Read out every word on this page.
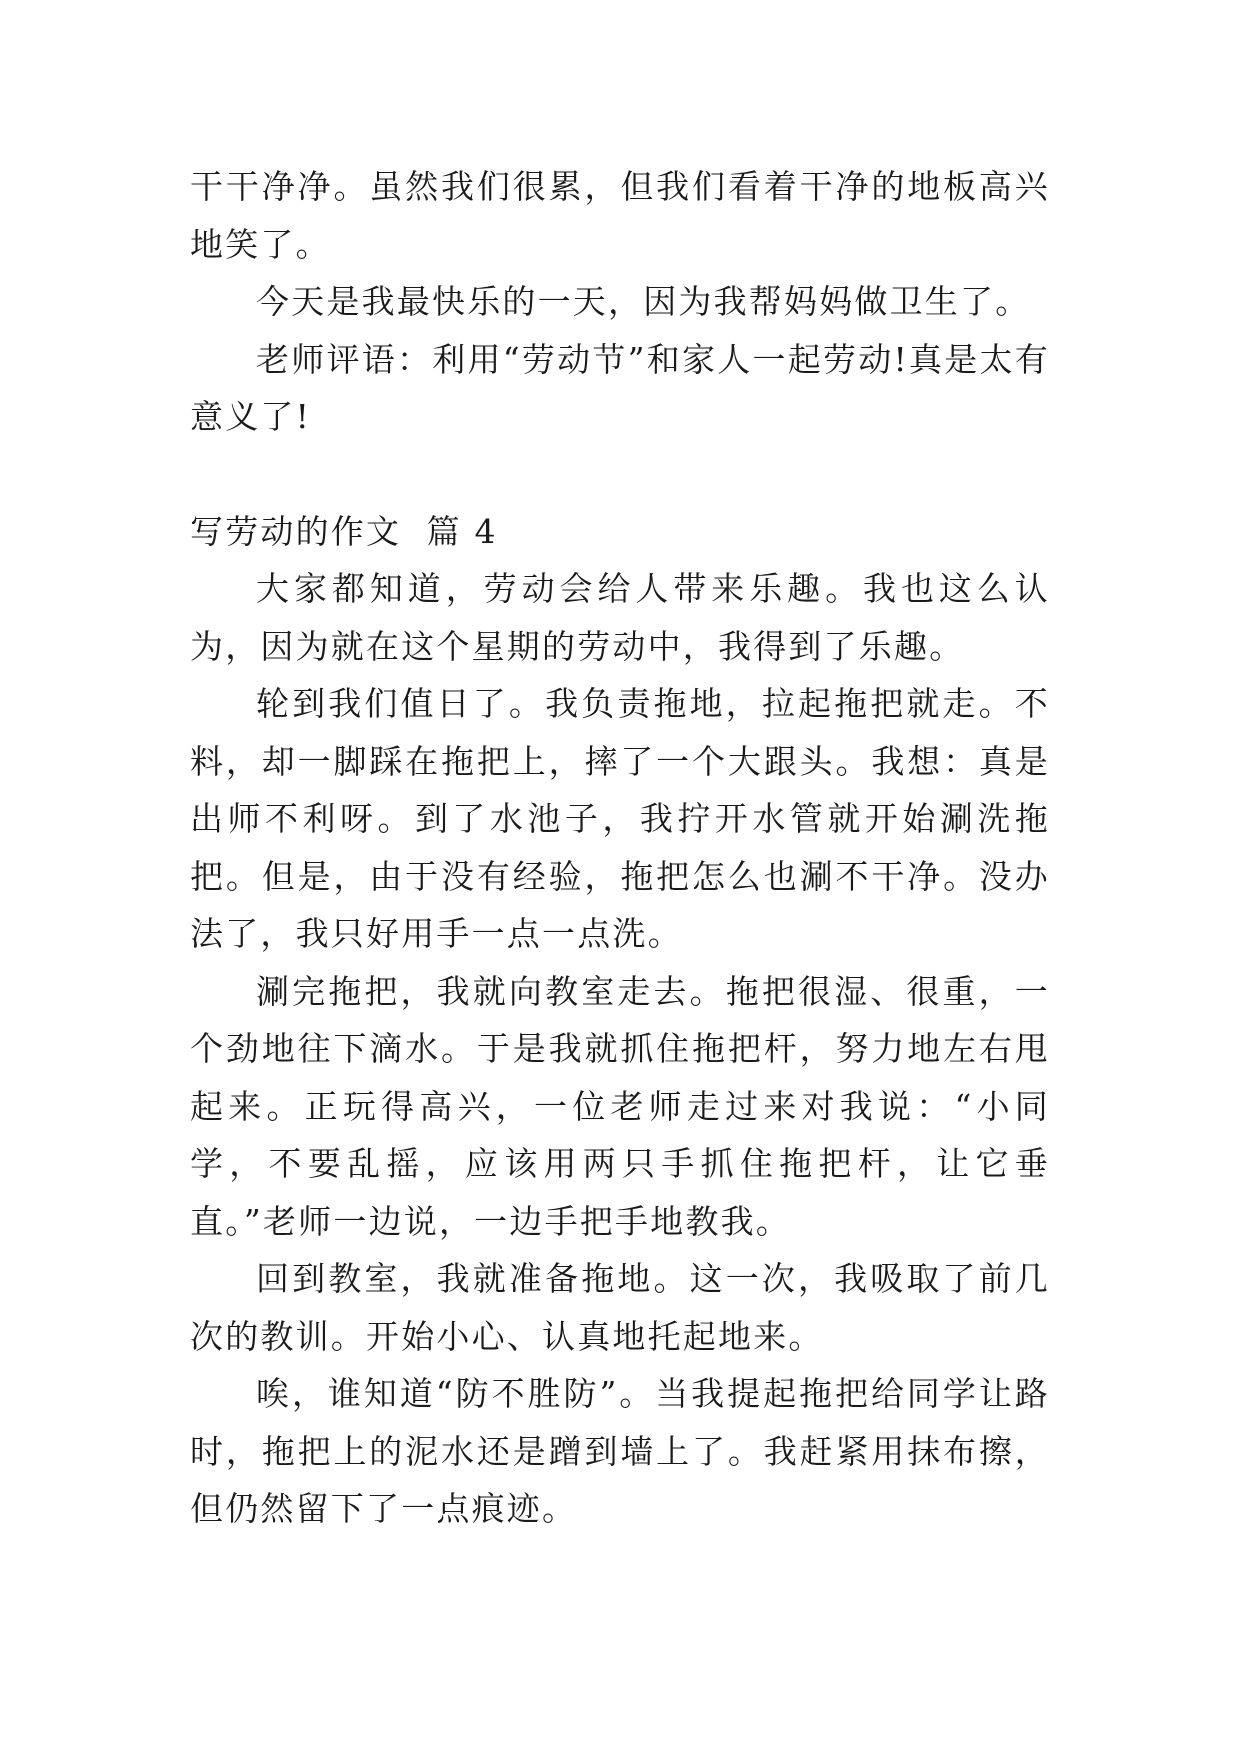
干干净净。虽然我们很累，但我们看着干净的地板高兴地笑了。

今天是我最快乐的一天，因为我帮妈妈做卫生了。

老师评语：利用“劳动节”和家人一起劳动!真是太有意义了!

写劳动的作文  篇 4

大家都知道，劳动会给人带来乐趣。我也这么认为，因为就在这个星期的劳动中，我得到了乐趣。

轮到我们值日了。我负责拖地，拉起拖把就走。不料，却一脚踩在拖把上，摔了一个大跟头。我想：真是出师不利呀。到了水池子，我拧开水管就开始涮洗拖把。但是，由于没有经验，拖把怎么也涮不干净。没办法了，我只好用手一点一点洗。

涮完拖把，我就向教室走去。拖把很湿、很重，一个劲地往下滴水。于是我就抓住拖把杆，努力地左右甩起来。正玩得高兴，一位老师走过来对我说：“小同学，不要乱摇，应该用两只手抓住拖把杆，让它垂直。”老师一边说，一边手把手地教我。

回到教室，我就准备拖地。这一次，我吸取了前几次的教训。开始小心、认真地托起地来。

唉，谁知道“防不胜防”。当我提起拖把给同学让路时，拖把上的泥水还是蹭到墙上了。我赶紧用抹布擦，但仍然留下了一点痕迹。
